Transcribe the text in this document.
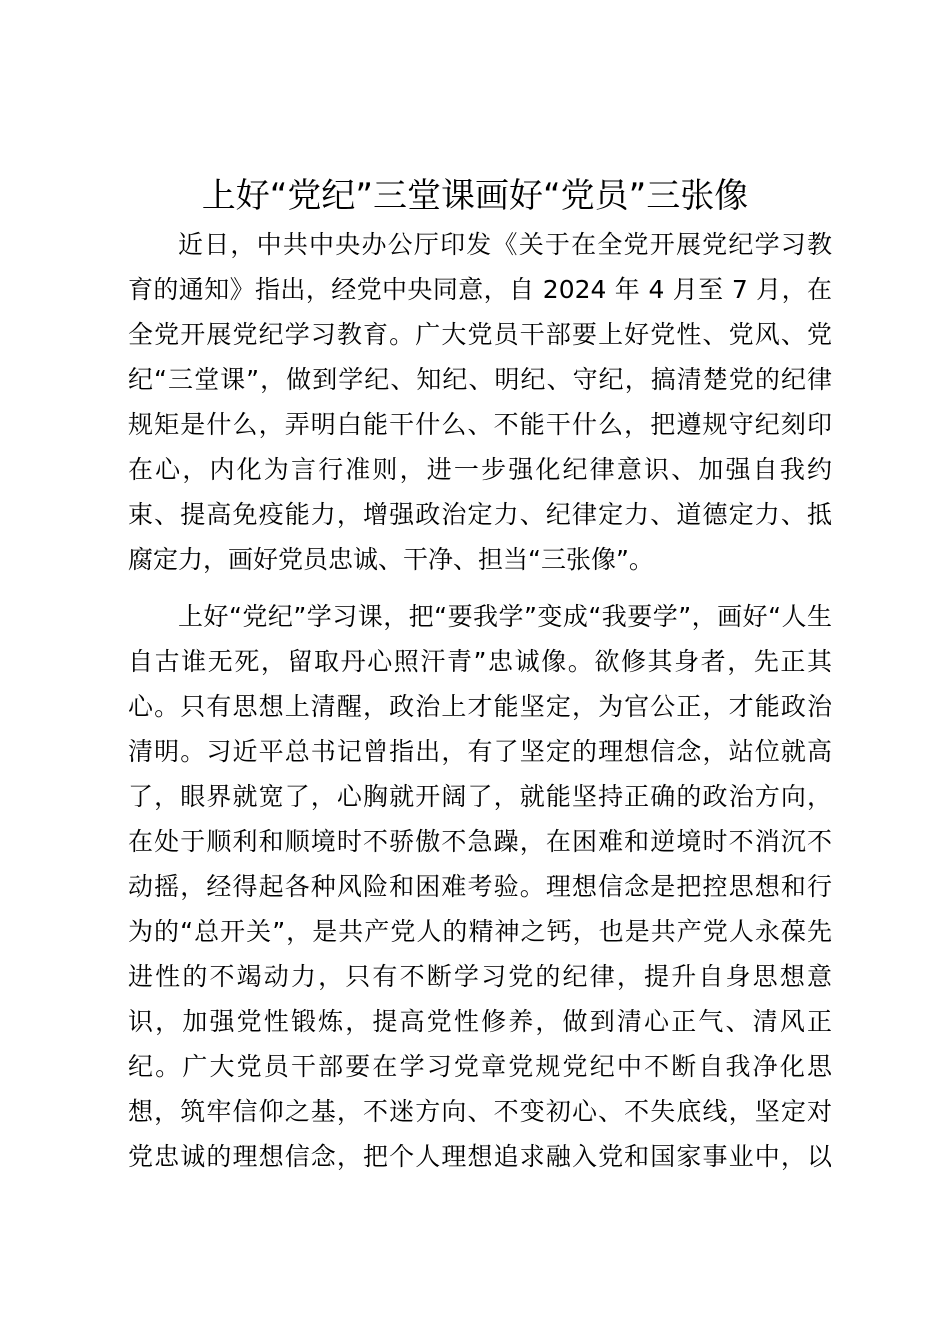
上好“党纪”三堂课画好“党员”三张像
近日，中共中央办公厅印发《关于在全党开展党纪学习教
育的通知》指出，经党中央同意，自 2024 年 4 月至 7 月，在
全党开展党纪学习教育。广大党员干部要上好党性、党风、党
纪“三堂课”，做到学纪、知纪、明纪、守纪，搞清楚党的纪律
规矩是什么，弄明白能干什么、不能干什么，把遵规守纪刻印
在心，内化为言行准则，进一步强化纪律意识、加强自我约
束、提高免疫能力，增强政治定力、纪律定力、道德定力、抵
腐定力，画好党员忠诚、干净、担当“三张像”。
上好“党纪”学习课，把“要我学”变成“我要学”，画好“人生
自古谁无死，留取丹心照汗青”忠诚像。欲修其身者，先正其
心。只有思想上清醒，政治上才能坚定，为官公正，才能政治
清明。习近平总书记曾指出，有了坚定的理想信念，站位就高
了，眼界就宽了，心胸就开阔了，就能坚持正确的政治方向，
在处于顺利和顺境时不骄傲不急躁，在困难和逆境时不消沉不
动摇，经得起各种风险和困难考验。理想信念是把控思想和行
为的“总开关”，是共产党人的精神之钙，也是共产党人永葆先
进性的不竭动力，只有不断学习党的纪律，提升自身思想意
识，加强党性锻炼，提高党性修养，做到清心正气、清风正
纪。广大党员干部要在学习党章党规党纪中不断自我净化思
想，筑牢信仰之基，不迷方向、不变初心、不失底线，坚定对
党忠诚的理想信念，把个人理想追求融入党和国家事业中，以
